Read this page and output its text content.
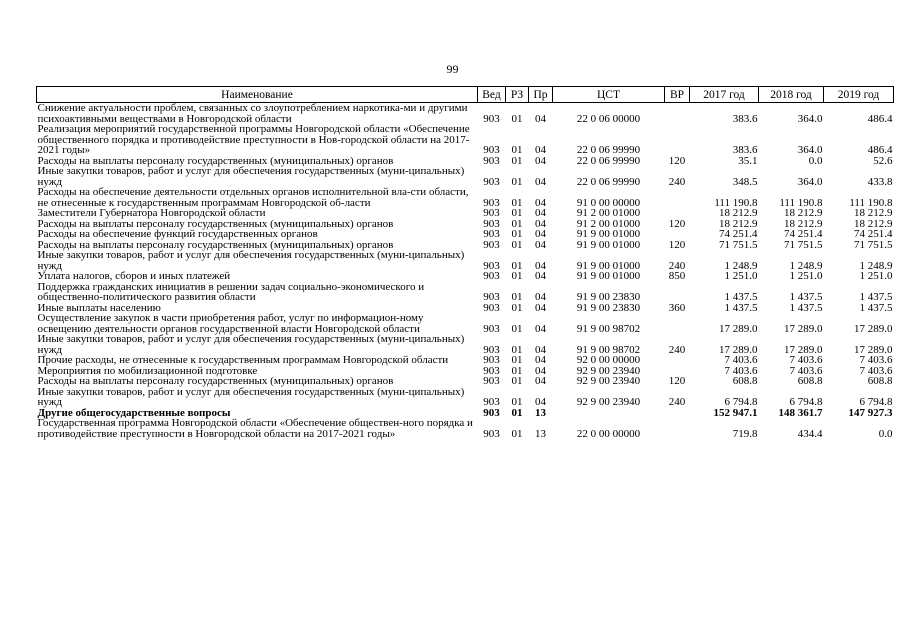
99
Наименование	Вед	РЗ	Пр	ЦСТ	ВР	2017 год	2018 год	2019 год
Снижение актуальности проблем, связанных со злоупотреблением наркотика-ми и другими психоактивными веществами в Новгородской области	903	01	04	22 0 06 00000		383.6	364.0	486.4
Реализация мероприятий государственной программы Новгородской области «Обеспечение общественного порядка и противодействие преступности в Нов-городской области на 2017-2021 годы»	903	01	04	22 0 06 99990		383.6	364.0	486.4
Расходы на выплаты персоналу государственных (муниципальных) органов	903	01	04	22 0 06 99990	120	35.1	0.0	52.6
Иные закупки товаров, работ и услуг для обеспечения государственных (муни-ципальных) нужд	903	01	04	22 0 06 99990	240	348.5	364.0	433.8
Расходы на обеспечение деятельности отдельных органов исполнительной вла-сти области, не отнесенные к государственным программам Новгородской об-ласти	903	01	04	91 0 00 00000		111 190.8	111 190.8	111 190.8
Заместители Губернатора Новгородской области	903	01	04	91 2 00 01000		18 212.9	18 212.9	18 212.9
Расходы на выплаты персоналу государственных (муниципальных) органов	903	01	04	91 2 00 01000	120	18 212.9	18 212.9	18 212.9
Расходы на обеспечение функций государственных органов	903	01	04	91 9 00 01000		74 251.4	74 251.4	74 251.4
Расходы на выплаты персоналу государственных (муниципальных) органов	903	01	04	91 9 00 01000	120	71 751.5	71 751.5	71 751.5
Иные закупки товаров, работ и услуг для обеспечения государственных (муни-ципальных) нужд	903	01	04	91 9 00 01000	240	1 248.9	1 248.9	1 248.9
Уплата налогов, сборов и иных платежей	903	01	04	91 9 00 01000	850	1 251.0	1 251.0	1 251.0
Поддержка гражданских инициатив в решении задач социально-экономического и общественно-политического развития области	903	01	04	91 9 00 23830		1 437.5	1 437.5	1 437.5
Иные выплаты населению	903	01	04	91 9 00 23830	360	1 437.5	1 437.5	1 437.5
Осуществление закупок в части приобретения работ, услуг по информацион-ному освещению деятельности органов государственной власти Новгородской области	903	01	04	91 9 00 98702		17 289.0	17 289.0	17 289.0
Иные закупки товаров, работ и услуг для обеспечения государственных (муни-ципальных) нужд	903	01	04	91 9 00 98702	240	17 289.0	17 289.0	17 289.0
Прочие расходы, не отнесенные к государственным программам Новгородской области	903	01	04	92 0 00 00000		7 403.6	7 403.6	7 403.6
Мероприятия по мобилизационной подготовке	903	01	04	92 9 00 23940		7 403.6	7 403.6	7 403.6
Расходы на выплаты персоналу государственных (муниципальных) органов	903	01	04	92 9 00 23940	120	608.8	608.8	608.8
Иные закупки товаров, работ и услуг для обеспечения государственных (муни-ципальных) нужд	903	01	04	92 9 00 23940	240	6 794.8	6 794.8	6 794.8
Другие общегосударственные вопросы	903	01	13			152 947.1	148 361.7	147 927.3
Государственная программа Новгородской области «Обеспечение обществен-ного порядка и противодействие преступности в Новгородской области на 2017-2021 годы»	903	01	13	22 0 00 00000		719.8	434.4	0.0
